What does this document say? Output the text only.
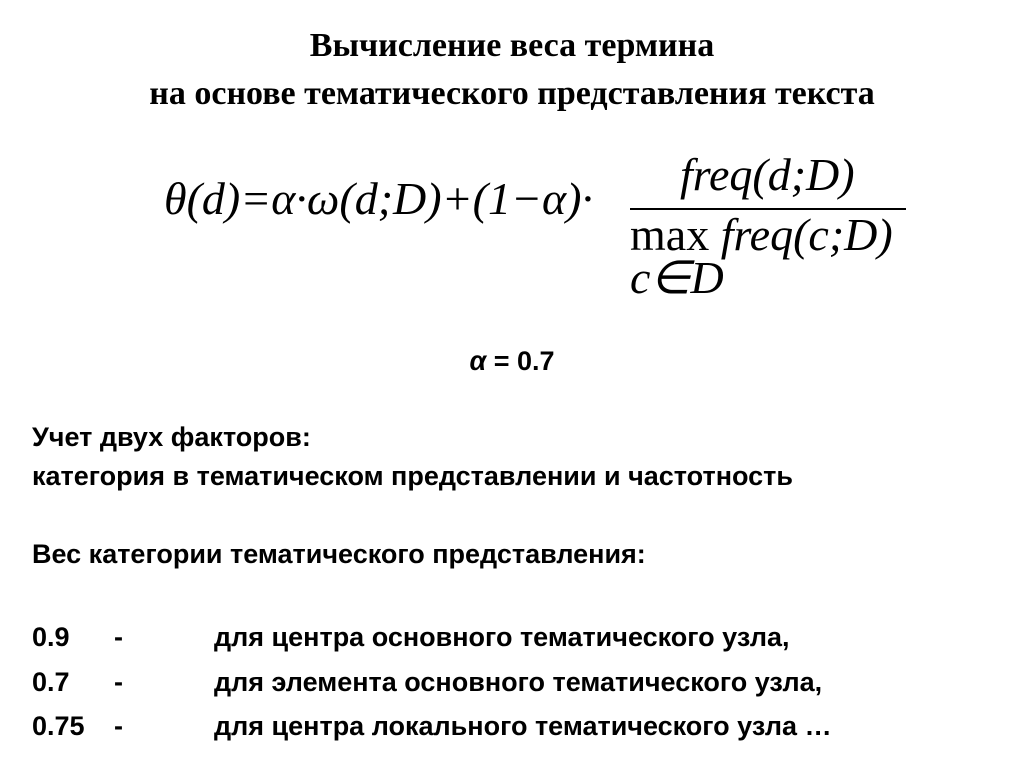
Вычисление веса термина
на основе тематического представления текста
θ(d)=α·ω(d;D)+(1−α)· freq(d;D)
max freq(c;D)
c∈D
α = 0.7
Учет двух факторов:
категория в тематическом представлении и частотность
Вес категории тематического представления:
0.9 -	для центра основного тематического узла,
0.7 -	для элемента основного тематического узла,
0.75 -	для центра локального тематического узла …
